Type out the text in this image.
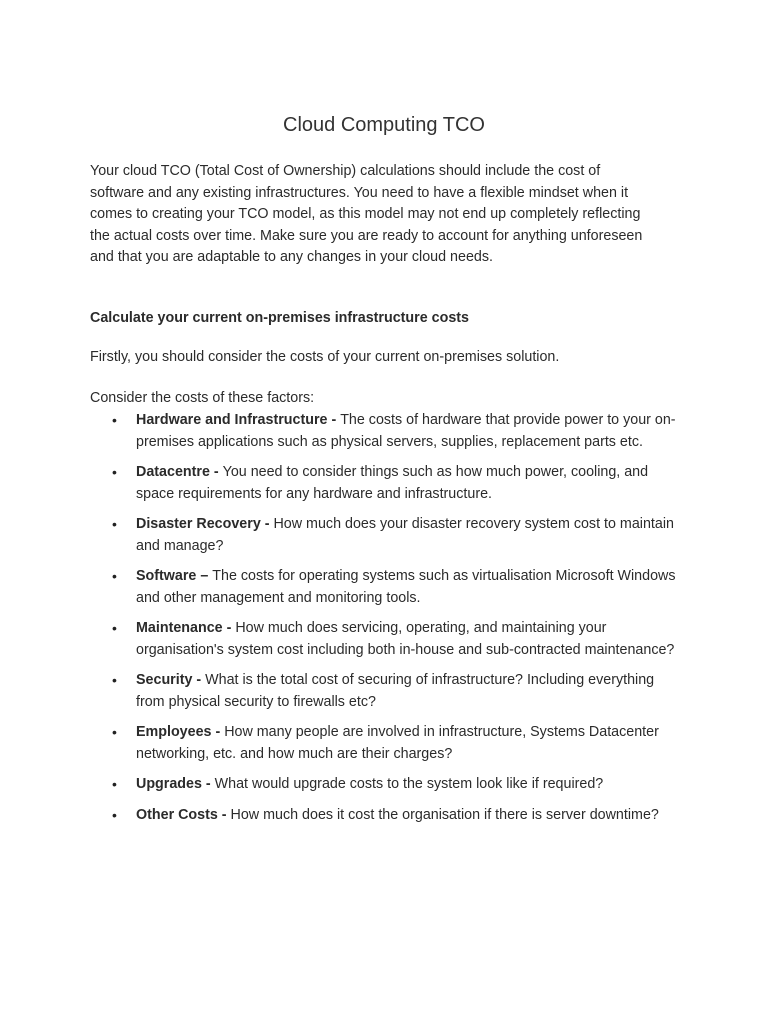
Cloud Computing TCO

Your cloud TCO (Total Cost of Ownership) calculations should include the cost of software and any existing infrastructures. You need to have a flexible mindset when it comes to creating your TCO model, as this model may not end up completely reflecting the actual costs over time. Make sure you are ready to account for anything unforeseen and that you are adaptable to any changes in your cloud needs.

Calculate your current on-premises infrastructure costs

Firstly, you should consider the costs of your current on-premises solution.

Consider the costs of these factors:

• Hardware and Infrastructure - The costs of hardware that provide power to your on-premises applications such as physical servers, supplies, replacement parts etc.
• Datacentre - You need to consider things such as how much power, cooling, and space requirements for any hardware and infrastructure.
• Disaster Recovery - How much does your disaster recovery system cost to maintain and manage?
• Software – The costs for operating systems such as virtualisation Microsoft Windows and other management and monitoring tools.
• Maintenance - How much does servicing, operating, and maintaining your organisation's system cost including both in-house and sub-contracted maintenance?
• Security - What is the total cost of securing of infrastructure? Including everything from physical security to firewalls etc?
• Employees - How many people are involved in infrastructure, Systems Datacenter networking, etc. and how much are their charges?
• Upgrades - What would upgrade costs to the system look like if required?
• Other Costs - How much does it cost the organisation if there is server downtime?
